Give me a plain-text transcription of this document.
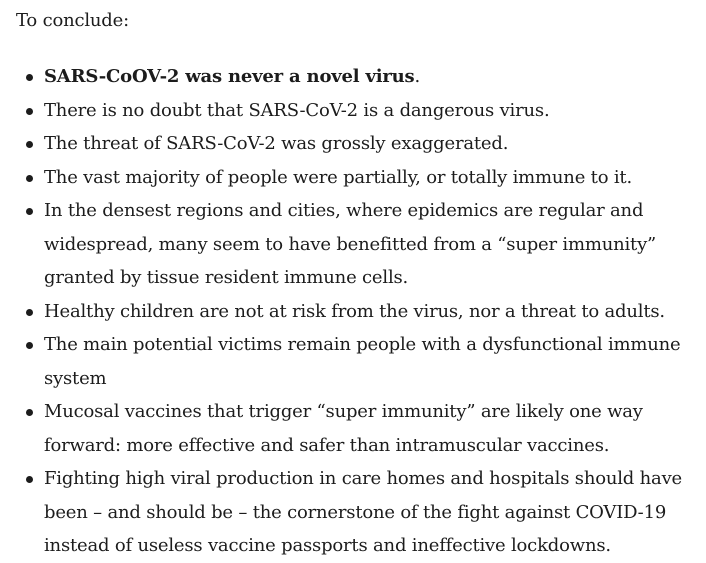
To conclude:

SARS-CoOV-2 was never a novel virus.
There is no doubt that SARS-CoV-2 is a dangerous virus.
The threat of SARS-CoV-2 was grossly exaggerated.
The vast majority of people were partially, or totally immune to it.
In the densest regions and cities, where epidemics are regular and widespread, many seem to have benefitted from a “super immunity” granted by tissue resident immune cells.
Healthy children are not at risk from the virus, nor a threat to adults.
The main potential victims remain people with a dysfunctional immune system
Mucosal vaccines that trigger “super immunity” are likely one way forward: more effective and safer than intramuscular vaccines.
Fighting high viral production in care homes and hospitals should have been – and should be – the cornerstone of the fight against COVID-19 instead of useless vaccine passports and ineffective lockdowns.
